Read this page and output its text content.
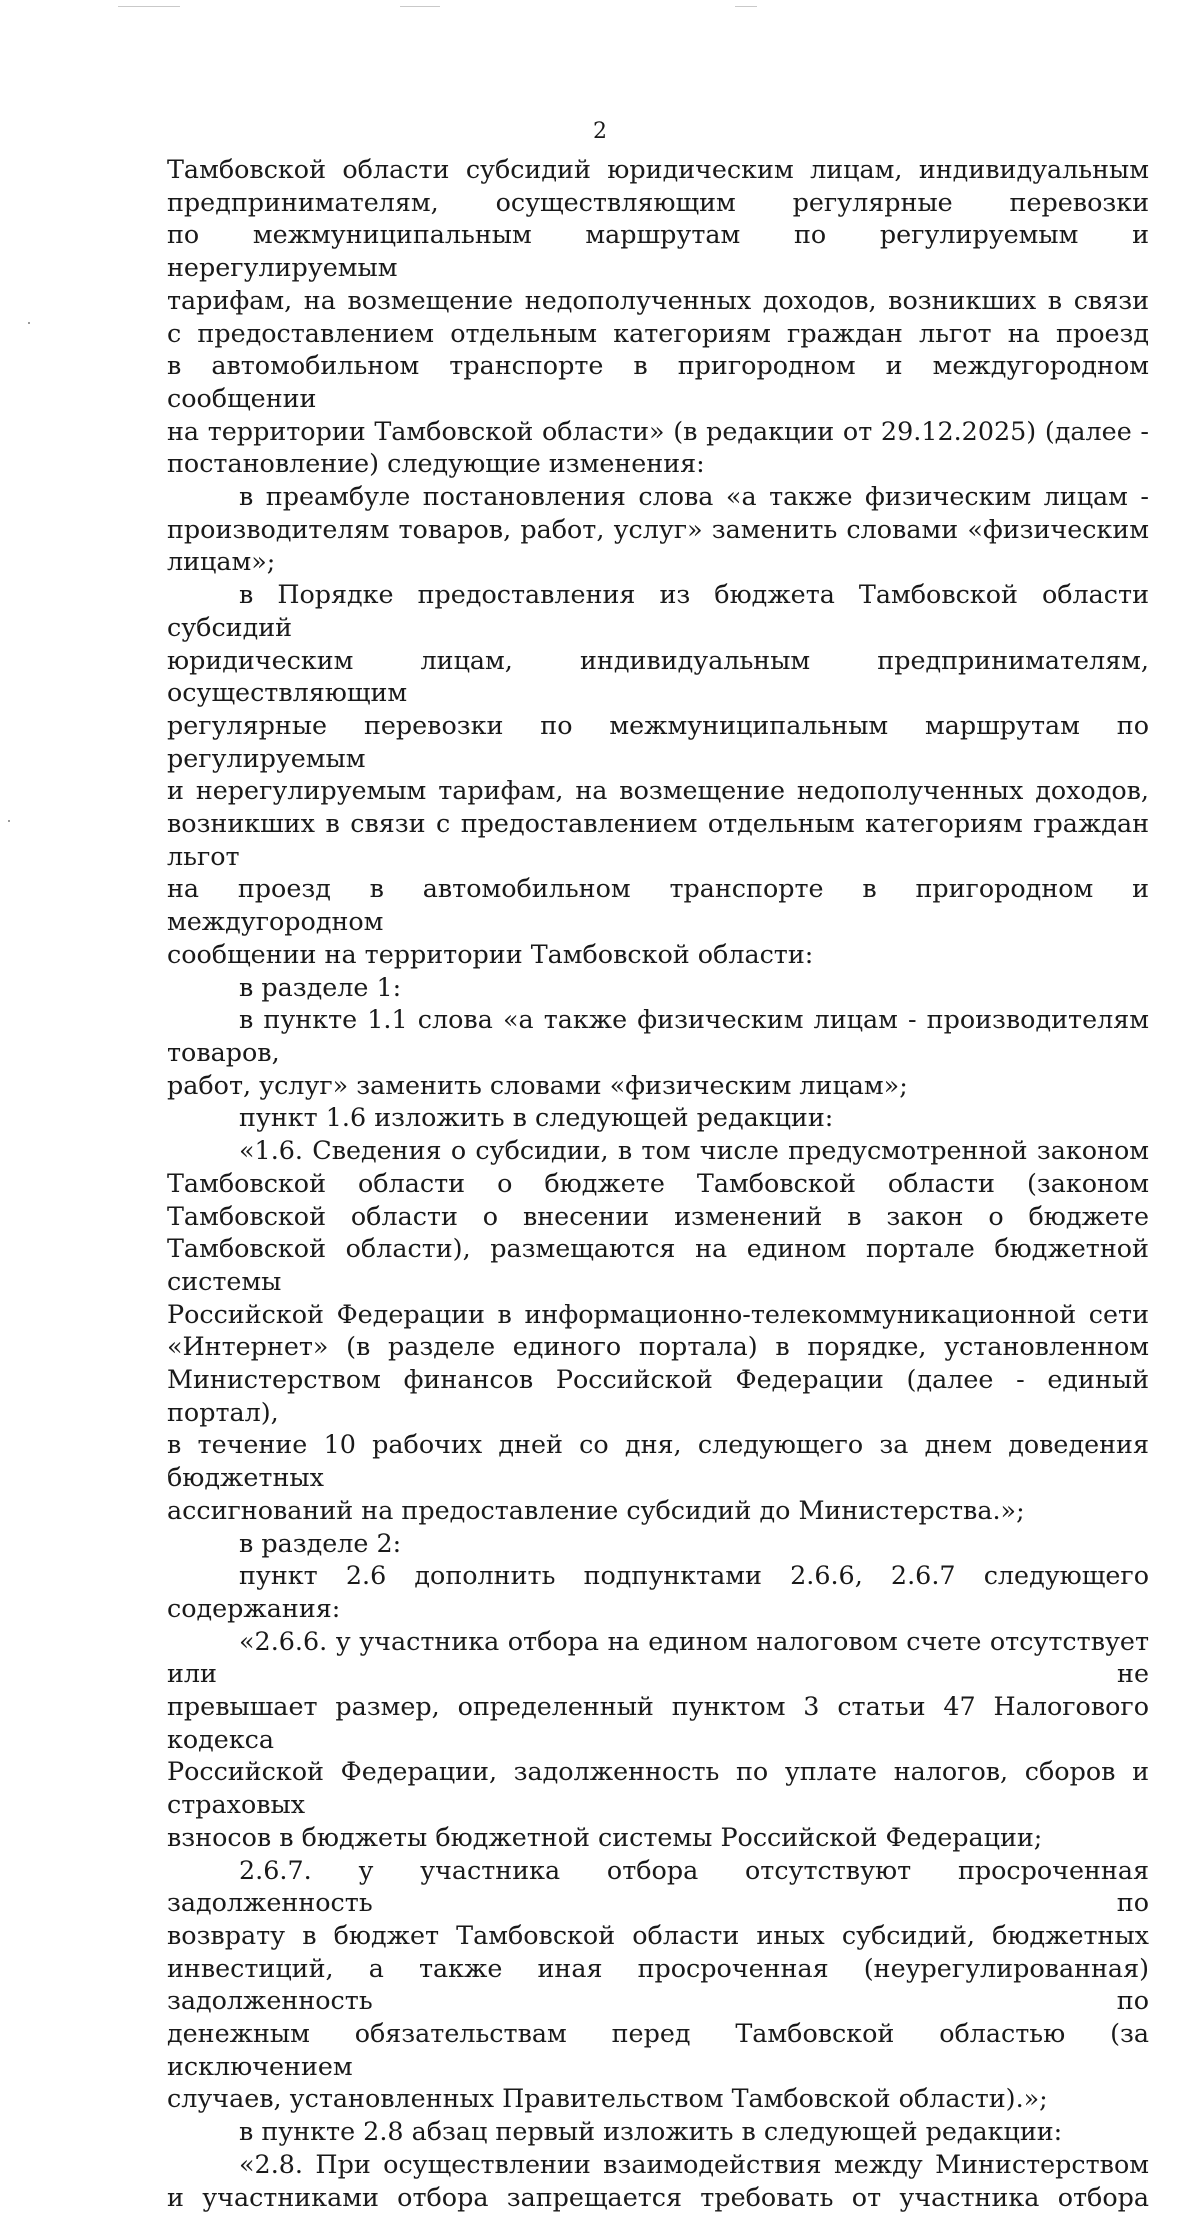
2

Тамбовской области субсидий юридическим лицам, индивидуальным

предпринимателям, осуществляющим регулярные перевозки

по межмуниципальным маршрутам по регулируемым и нерегулируемым

тарифам, на возмещение недополученных доходов, возникших в связи

с предоставлением отдельным категориям граждан льгот на проезд

в автомобильном транспорте в пригородном и междугородном сообщении

на территории Тамбовской области» (в редакции от 29.12.2025) (далее -

постановление) следующие изменения:

в преамбуле постановления слова «а также физическим лицам -

производителям товаров, работ, услуг» заменить словами «физическим лицам»;

в Порядке предоставления из бюджета Тамбовской области субсидий

юридическим лицам, индивидуальным предпринимателям, осуществляющим

регулярные перевозки по межмуниципальным маршрутам по регулируемым

и нерегулируемым тарифам, на возмещение недополученных доходов,

возникших в связи с предоставлением отдельным категориям граждан льгот

на проезд в автомобильном транспорте в пригородном и междугородном

сообщении на территории Тамбовской области:

в разделе 1:

в пункте 1.1 слова «а также физическим лицам - производителям товаров,

работ, услуг» заменить словами «физическим лицам»;

пункт 1.6 изложить в следующей редакции:

«1.6. Сведения о субсидии, в том числе предусмотренной законом

Тамбовской области о бюджете Тамбовской области (законом

Тамбовской области о внесении изменений в закон о бюджете

Тамбовской области), размещаются на едином портале бюджетной системы

Российской Федерации в информационно-телекоммуникационной сети

«Интернет» (в разделе единого портала) в порядке, установленном

Министерством финансов Российской Федерации (далее - единый портал),

в течение 10 рабочих дней со дня, следующего за днем доведения бюджетных

ассигнований на предоставление субсидий до Министерства.»;

в разделе 2:

пункт 2.6 дополнить подпунктами 2.6.6, 2.6.7 следующего содержания:

«2.6.6. у участника отбора на едином налоговом счете отсутствует или не

превышает размер, определенный пунктом 3 статьи 47 Налогового кодекса

Российской Федерации, задолженность по уплате налогов, сборов и страховых

взносов в бюджеты бюджетной системы Российской Федерации;

2.6.7. у участника отбора отсутствуют просроченная задолженность по

возврату в бюджет Тамбовской области иных субсидий, бюджетных

инвестиций, а также иная просроченная (неурегулированная) задолженность по

денежным обязательствам перед Тамбовской областью (за исключением

случаев, установленных Правительством Тамбовской области).»;

в пункте 2.8 абзац первый изложить в следующей редакции:

«2.8. При осуществлении взаимодействия между Министерством

и участниками отбора запрещается требовать от участника отбора
